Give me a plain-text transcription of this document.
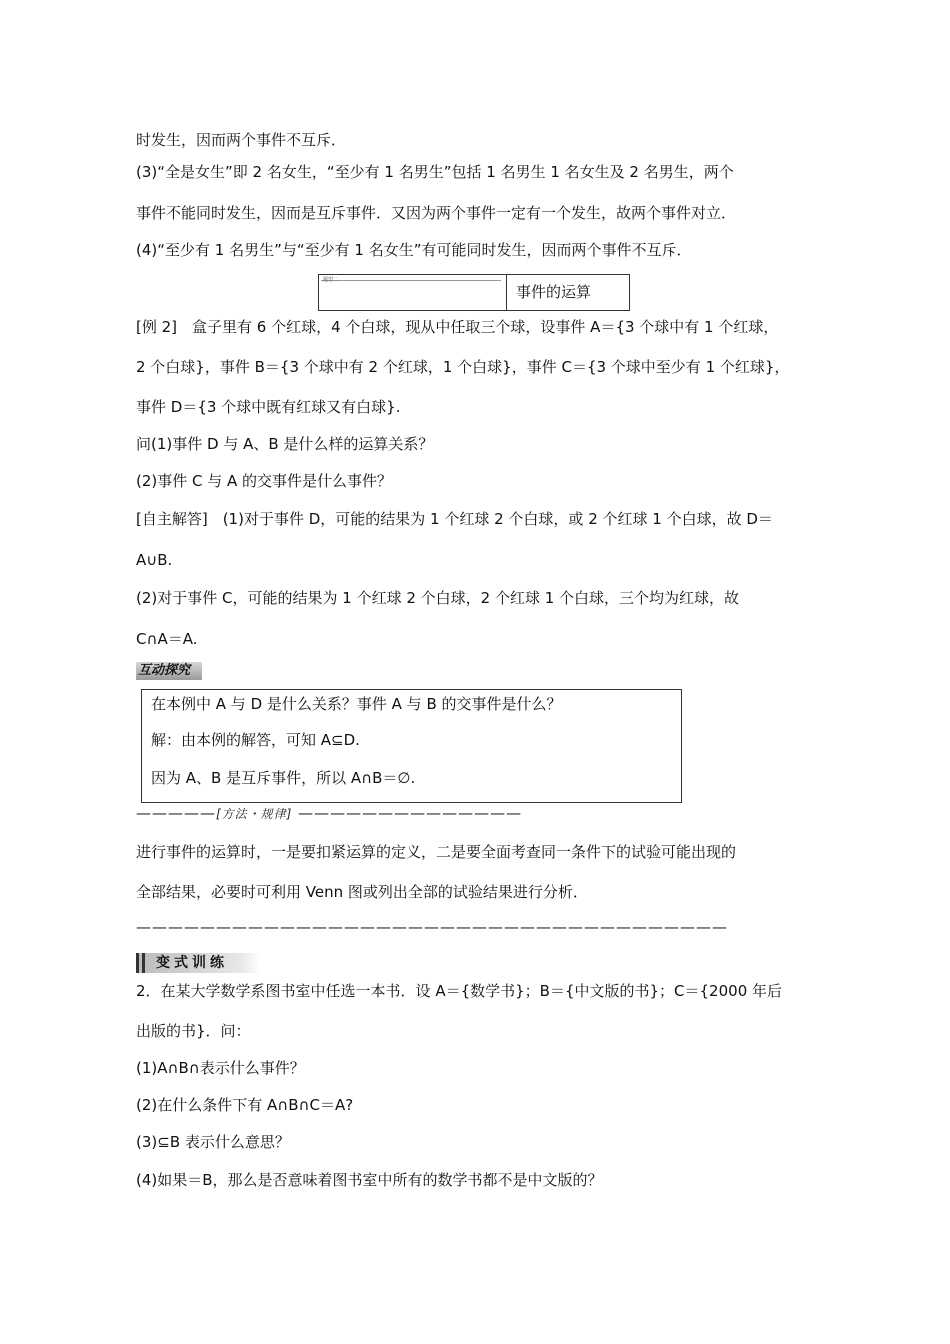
时发生，因而两个事件不互斥．
(3)“全是女生”即 2 名女生，“至少有 1 名男生”包括 1 名男生 1 名女生及 2 名男生，两个
事件不能同时发生，因而是互斥事件．又因为两个事件一定有一个发生，故两个事件对立．
(4)“至少有 1 名男生”与“至少有 1 名女生”有可能同时发生，因而两个事件不互斥．
题型二
事件的运算
[例 2]　盒子里有 6 个红球，4 个白球，现从中任取三个球，设事件 A＝{3 个球中有 1 个红球，
2 个白球}，事件 B＝{3 个球中有 2 个红球，1 个白球}，事件 C＝{3 个球中至少有 1 个红球}，
事件 D＝{3 个球中既有红球又有白球}.
问(1)事件 D 与 A、B 是什么样的运算关系？
(2)事件 C 与 A 的交事件是什么事件？
[自主解答]　(1)对于事件 D，可能的结果为 1 个红球 2 个白球，或 2 个红球 1 个白球，故 D＝
A∪B.
(2)对于事件 C，可能的结果为 1 个红球 2 个白球，2 个红球 1 个白球，三个均为红球，故
C∩A＝A.
互动探究
在本例中 A 与 D 是什么关系？事件 A 与 B 的交事件是什么？
解：由本例的解答，可知 A⊆D.
因为 A、B 是互斥事件，所以 A∩B＝∅.
—————[方法・规律] ——————————————
进行事件的运算时，一是要扣紧运算的定义，二是要全面考查同一条件下的试验可能出现的
全部结果，必要时可利用 Venn 图或列出全部的试验结果进行分析．
—————————————————————————————————————
变式训练
2．在某大学数学系图书室中任选一本书．设 A＝{数学书}；B＝{中文版的书}；C＝{2000 年后
出版的书}．问：
(1)A∩B∩表示什么事件？
(2)在什么条件下有 A∩B∩C＝A?
(3)⊆B 表示什么意思？
(4)如果＝B，那么是否意味着图书室中所有的数学书都不是中文版的？
